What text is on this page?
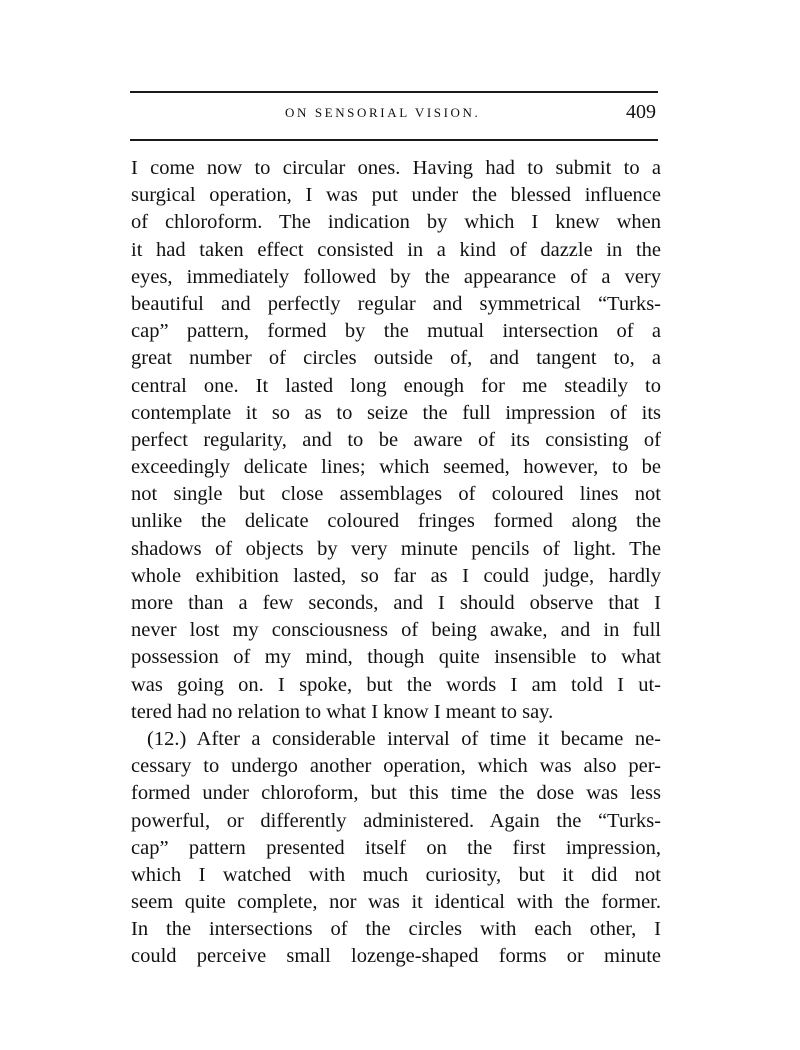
ON SENSORIAL VISION.	409
I come now to circular ones. Having had to submit to a
surgical operation, I was put under the blessed influence
of chloroform. The indication by which I knew when
it had taken effect consisted in a kind of dazzle in the
eyes, immediately followed by the appearance of a very
beautiful and perfectly regular and symmetrical “Turks-
cap” pattern, formed by the mutual intersection of a
great number of circles outside of, and tangent to, a
central one. It lasted long enough for me steadily to
contemplate it so as to seize the full impression of its
perfect regularity, and to be aware of its consisting of
exceedingly delicate lines; which seemed, however, to be
not single but close assemblages of coloured lines not
unlike the delicate coloured fringes formed along the
shadows of objects by very minute pencils of light. The
whole exhibition lasted, so far as I could judge, hardly
more than a few seconds, and I should observe that I
never lost my consciousness of being awake, and in full
possession of my mind, though quite insensible to what
was going on. I spoke, but the words I am told I ut-
tered had no relation to what I know I meant to say.
(12.) After a considerable interval of time it became ne-
cessary to undergo another operation, which was also per-
formed under chloroform, but this time the dose was less
powerful, or differently administered. Again the “Turks-
cap” pattern presented itself on the first impression,
which I watched with much curiosity, but it did not
seem quite complete, nor was it identical with the former.
In the intersections of the circles with each other, I
could perceive small lozenge-shaped forms or minute
